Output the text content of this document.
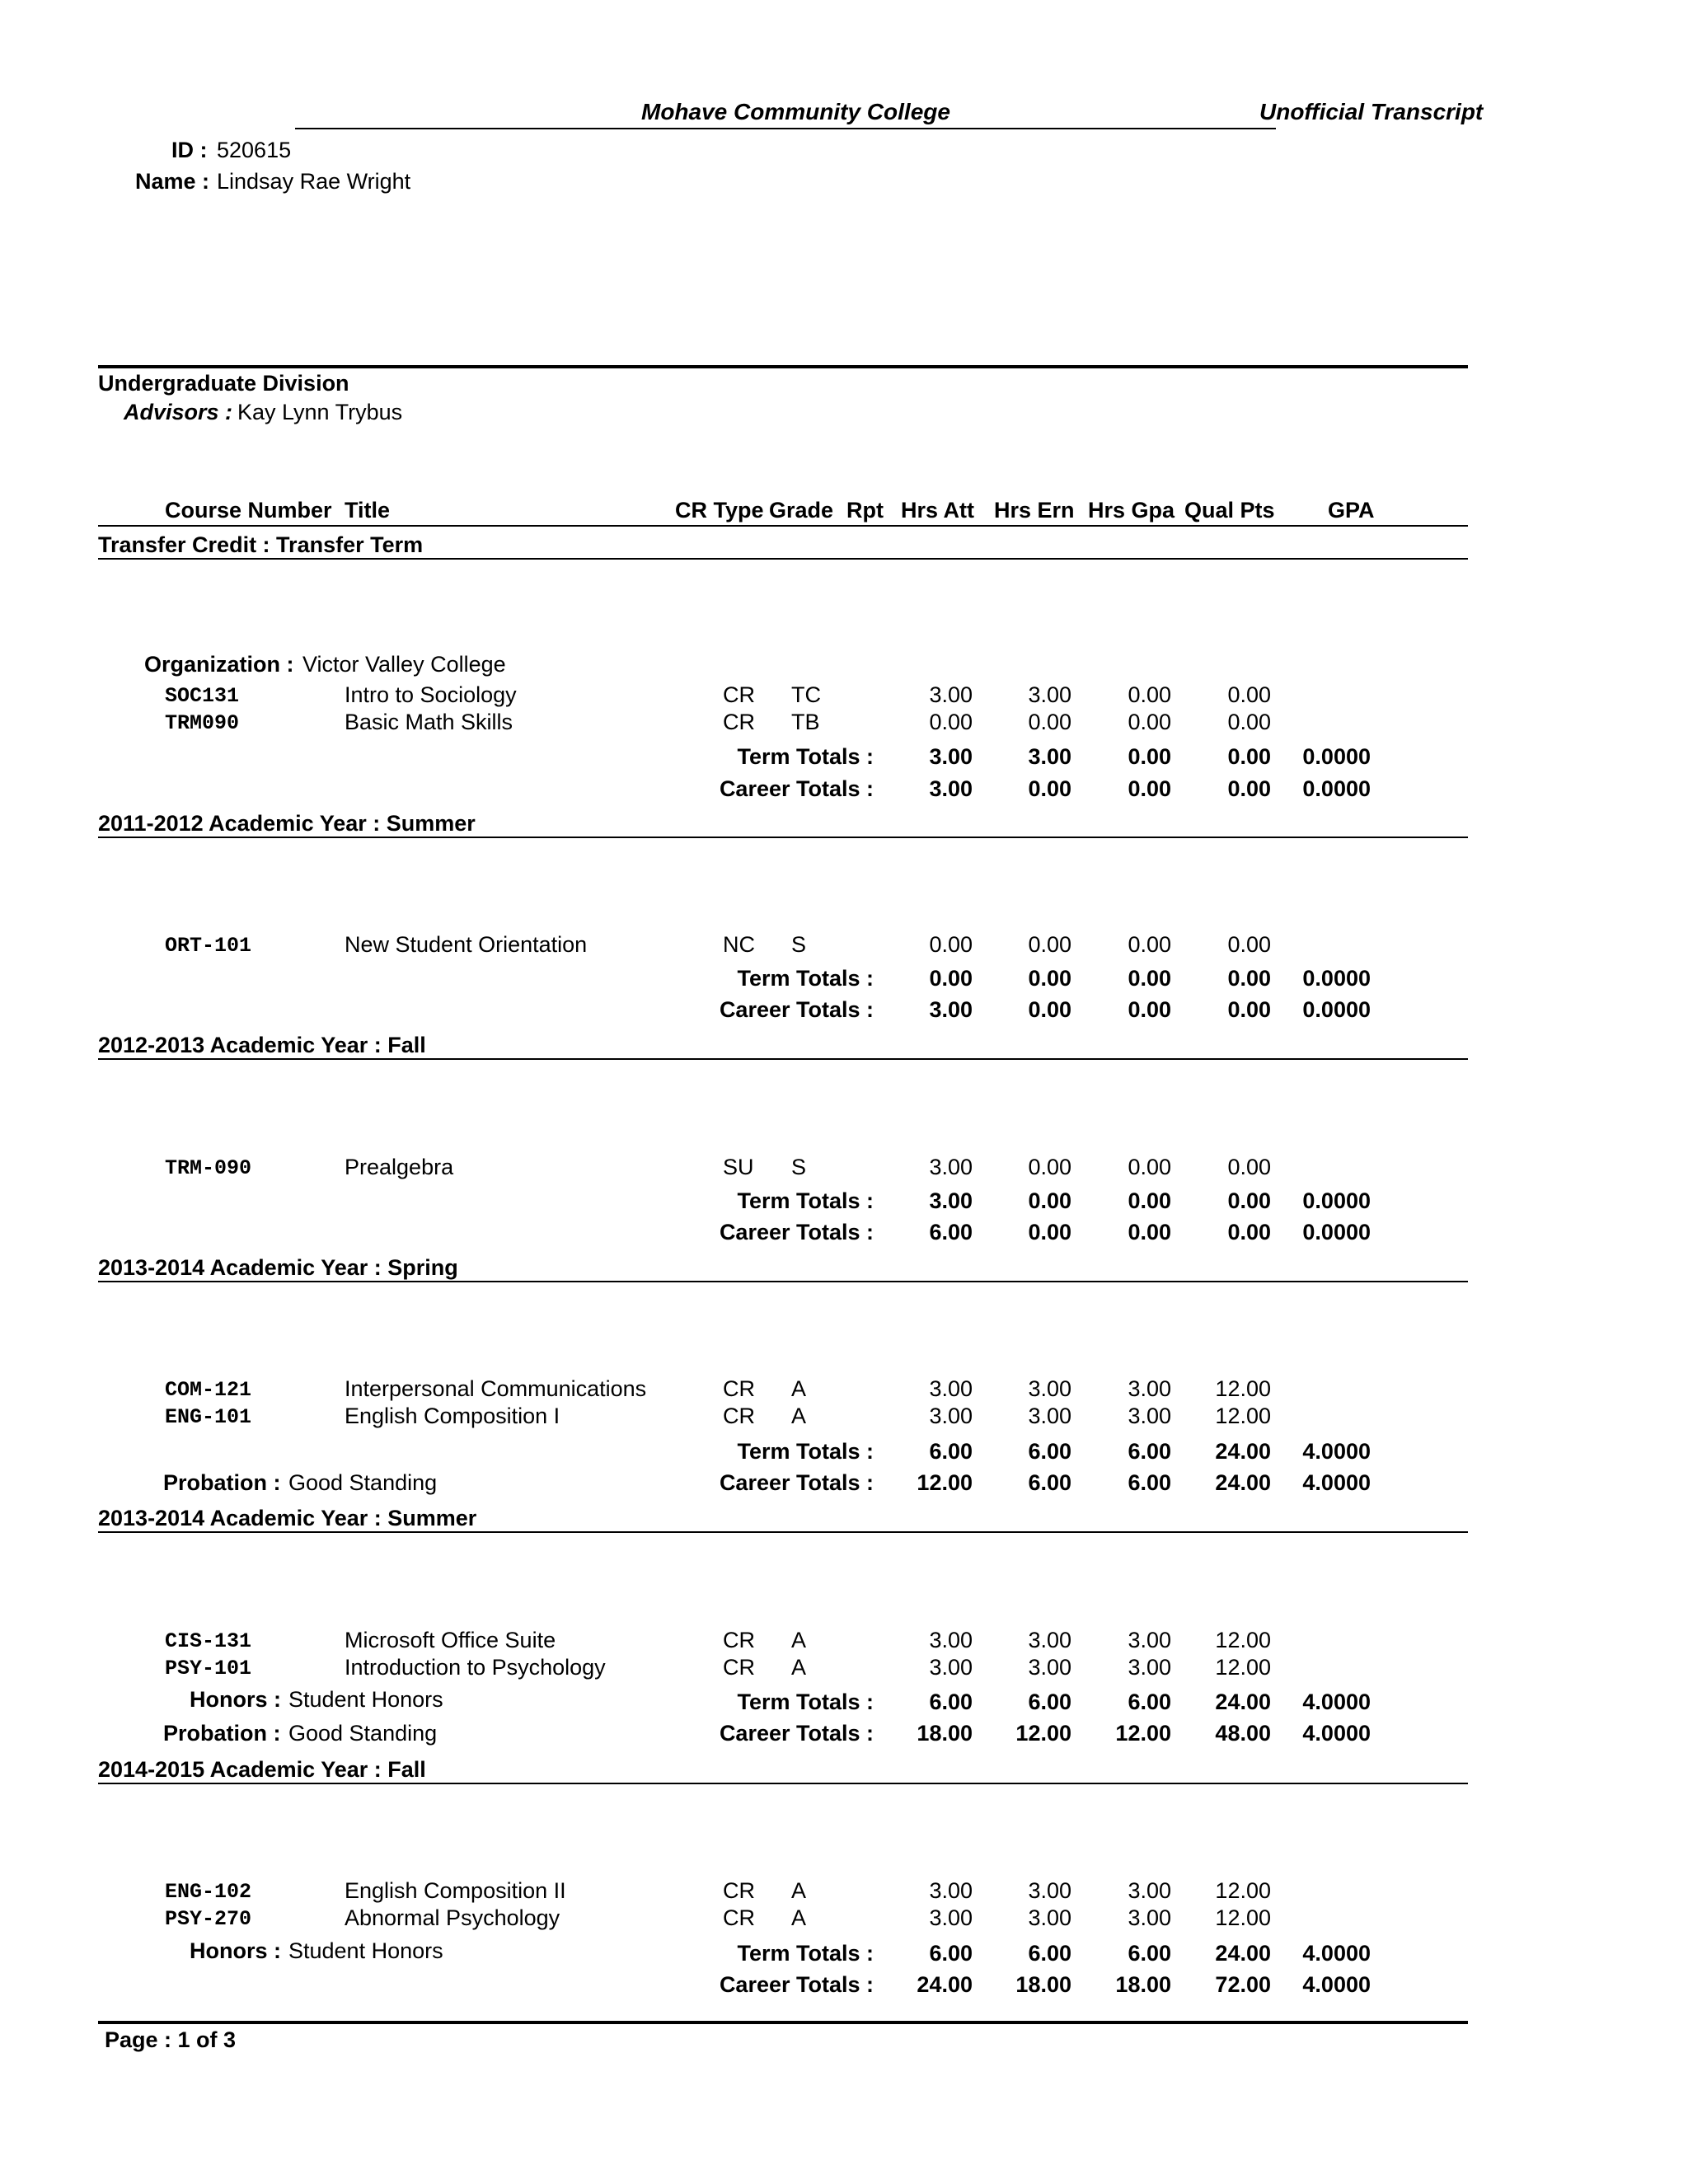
Mohave Community College	Unofficial Transcript
ID : 520615
Name : Lindsay Rae Wright
Undergraduate Division
Advisors : Kay Lynn Trybus
Course Number Title	CR Type Grade Rpt Hrs Att Hrs Ern Hrs Gpa Qual Pts GPA
Transfer Credit : Transfer Term
Organization : Victor Valley College
SOC131	Intro to Sociology	CR TC	3.00	3.00	0.00	0.00
TRM090	Basic Math Skills	CR TB	0.00	0.00	0.00	0.00
Term Totals :	3.00	3.00	0.00	0.00	0.0000
Career Totals :	3.00	0.00	0.00	0.00	0.0000
2011-2012 Academic Year : Summer
ORT-101	New Student Orientation	NC S	0.00	0.00	0.00	0.00
Term Totals :	0.00	0.00	0.00	0.00	0.0000
Career Totals :	3.00	0.00	0.00	0.00	0.0000
2012-2013 Academic Year : Fall
TRM-090	Prealgebra	SU S	3.00	0.00	0.00	0.00
Term Totals :	3.00	0.00	0.00	0.00	0.0000
Career Totals :	6.00	0.00	0.00	0.00	0.0000
2013-2014 Academic Year : Spring
COM-121	Interpersonal Communications	CR A	3.00	3.00	3.00	12.00
ENG-101	English Composition I	CR A	3.00	3.00	3.00	12.00
Term Totals :	6.00	6.00	6.00	24.00	4.0000
Career Totals :	12.00	6.00	6.00	24.00	4.0000
Probation : Good Standing
2013-2014 Academic Year : Summer
CIS-131	Microsoft Office Suite	CR A	3.00	3.00	3.00	12.00
PSY-101	Introduction to Psychology	CR A	3.00	3.00	3.00	12.00
Term Totals :	6.00	6.00	6.00	24.00	4.0000
Career Totals :	18.00	12.00	12.00	48.00	4.0000
Honors : Student Honors
Probation : Good Standing
2014-2015 Academic Year : Fall
ENG-102	English Composition II	CR A	3.00	3.00	3.00	12.00
PSY-270	Abnormal Psychology	CR A	3.00	3.00	3.00	12.00
Term Totals :	6.00	6.00	6.00	24.00	4.0000
Career Totals :	24.00	18.00	18.00	72.00	4.0000
Honors : Student Honors
Page : 1 of 3
